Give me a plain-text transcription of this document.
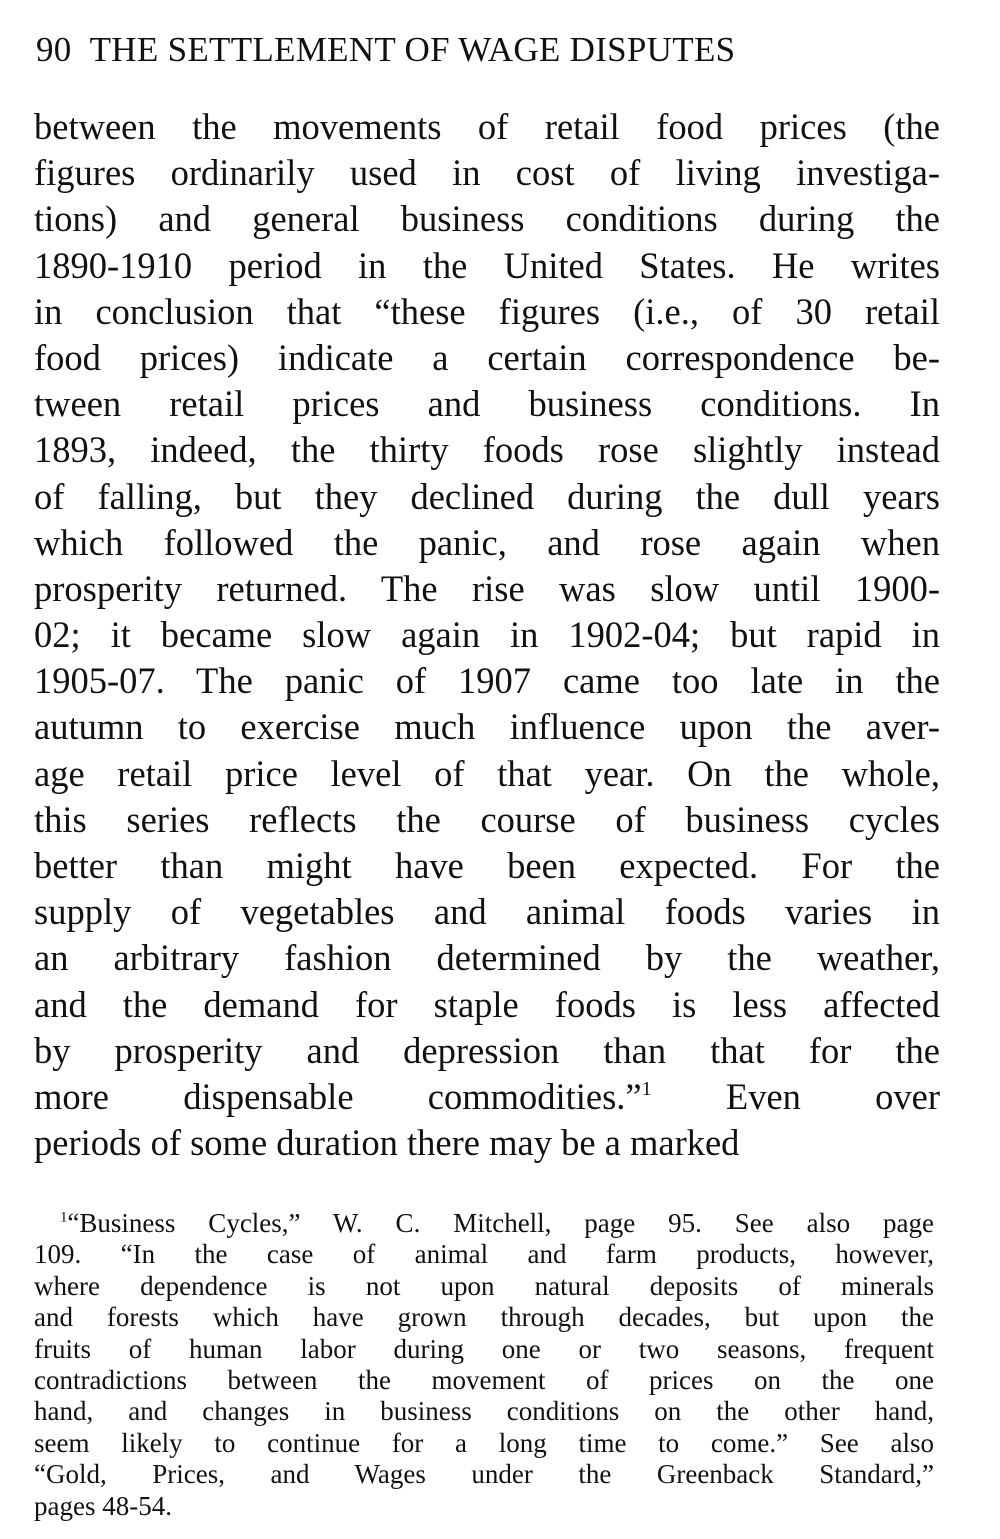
90 THE SETTLEMENT OF WAGE DISPUTES
between the movements of retail food prices (the
figures ordinarily used in cost of living investiga-
tions) and general business conditions during the
1890-1910 period in the United States. He writes
in conclusion that “these figures (i.e., of 30 retail
food prices) indicate a certain correspondence be-
tween retail prices and business conditions. In
1893, indeed, the thirty foods rose slightly instead
of falling, but they declined during the dull years
which followed the panic, and rose again when
prosperity returned. The rise was slow until 1900-
02; it became slow again in 1902-04; but rapid in
1905-07. The panic of 1907 came too late in the
autumn to exercise much influence upon the aver-
age retail price level of that year. On the whole,
this series reflects the course of business cycles
better than might have been expected. For the
supply of vegetables and animal foods varies in
an arbitrary fashion determined by the weather,
and the demand for staple foods is less affected
by prosperity and depression than that for the
more dispensable commodities.”$^1$ Even over
periods of some duration there may be a marked
$^1$“Business Cycles,” W. C. Mitchell, page 95. See also page
109. “In the case of animal and farm products, however,
where dependence is not upon natural deposits of minerals
and forests which have grown through decades, but upon the
fruits of human labor during one or two seasons, frequent
contradictions between the movement of prices on the one
hand, and changes in business conditions on the other hand,
seem likely to continue for a long time to come.” See also
“Gold, Prices, and Wages under the Greenback Standard,”
pages 48-54.
